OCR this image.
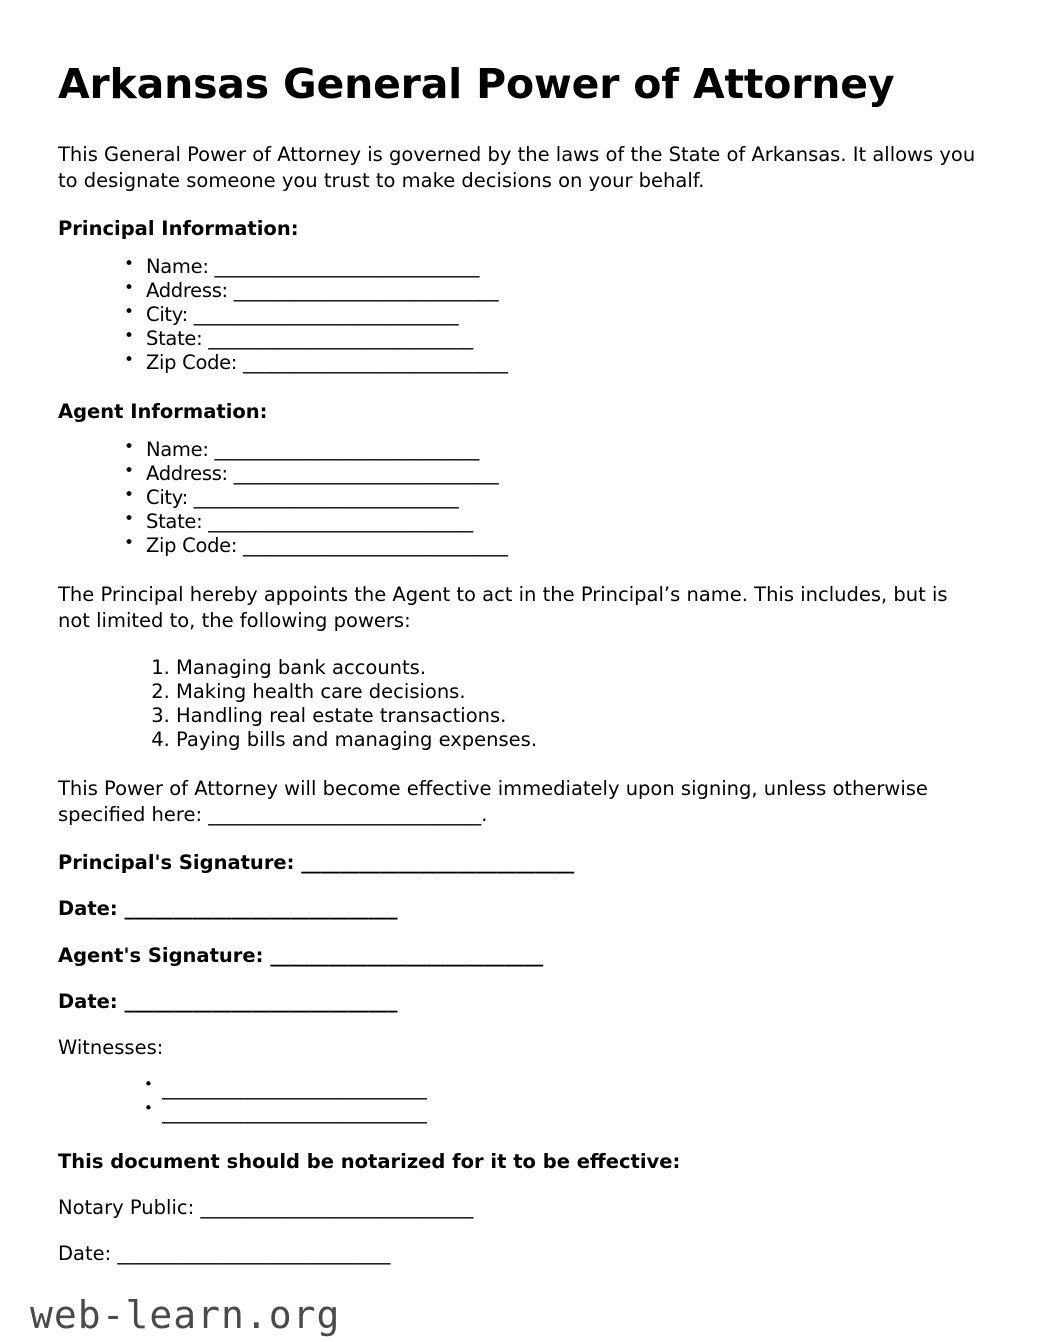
Arkansas General Power of Attorney

This General Power of Attorney is governed by the laws of the State of Arkansas. It allows you to designate someone you trust to make decisions on your behalf.

Principal Information:
• Name: ____________________________
• Address: ____________________________
• City: ____________________________
• State: ____________________________
• Zip Code: ____________________________
Agent Information:
• Name: ____________________________
• Address: ____________________________
• City: ____________________________
• State: ____________________________
• Zip Code: ____________________________

The Principal hereby appoints the Agent to act in the Principal’s name. This includes, but is not limited to, the following powers:

1. Managing bank accounts.
2. Making health care decisions.
3. Handling real estate transactions.
4. Paying bills and managing expenses.

This Power of Attorney will become effective immediately upon signing, unless otherwise specified here: ____________________________.

Principal's Signature: ____________________________

Date: ____________________________

Agent's Signature: ____________________________

Date: ____________________________

Witnesses:

• ____________________________
• ____________________________
This document should be notarized for it to be effective:

Notary Public: ____________________________

Date: ____________________________

web-learn.org
